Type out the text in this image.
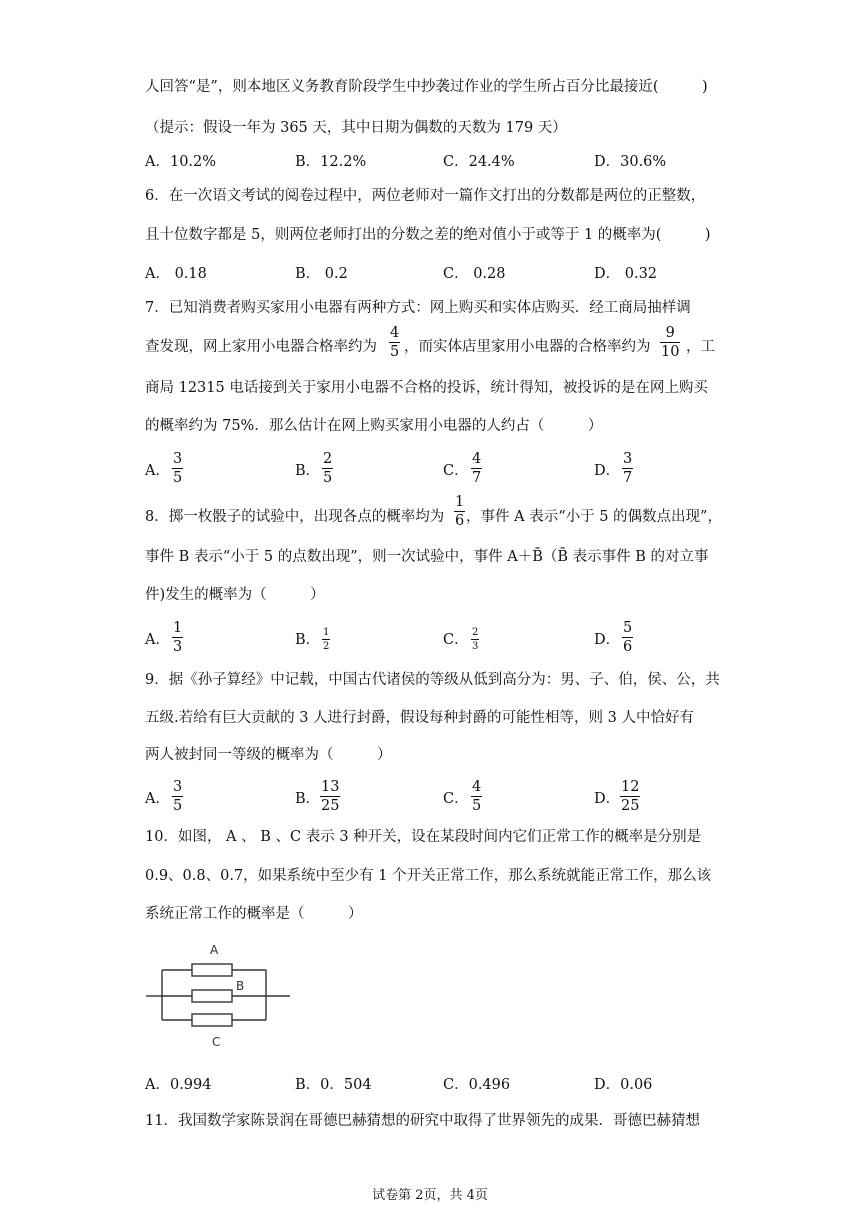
人回答“是”，则本地区义务教育阶段学生中抄袭过作业的学生所占百分比最接近(　　　)
（提示：假设一年为 365 天，其中日期为偶数的天数为 179 天）
A．10.2%	B．12.2%	C．24.4%	D．30.6%
6．在一次语文考试的阅卷过程中，两位老师对一篇作文打出的分数都是两位的正整数，
且十位数字都是 5，则两位老师打出的分数之差的绝对值小于或等于 1 的概率为(　　　)
A． 0.18	B． 0.2	C． 0.28	D． 0.32
7．已知消费者购买家用小电器有两种方式：网上购买和实体店购买．经工商局抽样调
查发现，网上家用小电器合格率约为
4
5 ，而实体店里家用小电器的合格率约为
9
10 ，工
商局 12315 电话接到关于家用小电器不合格的投诉，统计得知，被投诉的是在网上购买
的概率约为 75%．那么估计在网上购买家用小电器的人约占（　　　）
A．
3
5	B．
2
5	C．
4
7	D．
3
7
8．掷一枚骰子的试验中，出现各点的概率均为
1
6 ，事件 A 表示“小于 5 的偶数点出现”，
事件 B 表示“小于 5 的点数出现”，则一次试验中，事件 A＋B̄（B̄ 表示事件 B 的对立事
件)发生的概率为（　　　）
A．
1
3	B． 1
2	C． 2
3	D．
5
6
9．据《孙子算经》中记载，中国古代诸侯的等级从低到高分为：男、子、伯，侯、公，共
五级.若给有巨大贡献的 3 人进行封爵，假设每种封爵的可能性相等，则 3 人中恰好有
两人被封同一等级的概率为（　　　）
A．
3
5	B．
13
25	C．
4
5	D．
12
25
10．如图， A 、 B 、C 表示 3 种开关，设在某段时间内它们正常工作的概率是分别是
0.9、0.8、0.7，如果系统中至少有 1 个开关正常工作，那么系统就能正常工作，那么该
系统正常工作的概率是（　　　）
A
B
C
A．0.994	B．0．504	C．0.496	D．0.06
11．我国数学家陈景润在哥德巴赫猜想的研究中取得了世界领先的成果．哥德巴赫猜想
试卷第 2页，共 4页
